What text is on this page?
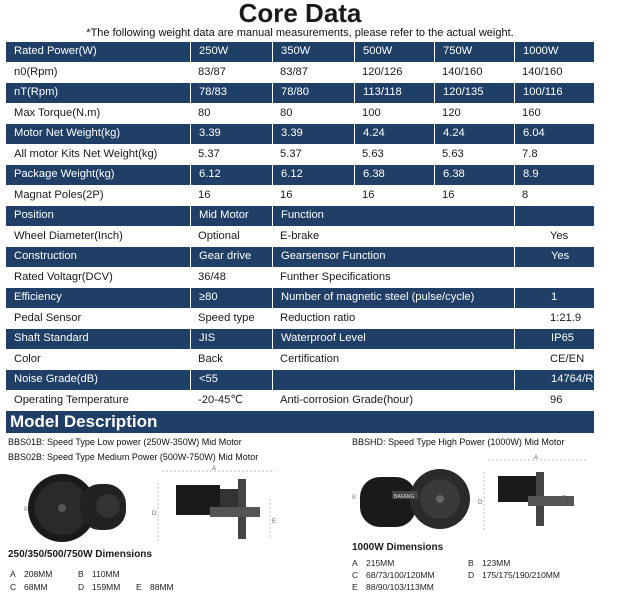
Core Data
*The following weight data are manual measurements, please refer to the actual weight.
Rated Power(W)	250W	350W	500W	750W	1000W
n0(Rpm)	83/87	83/87	120/126	140/160	140/160
nT(Rpm)	78/83	78/80	113/118	120/135	100/116
Max Torque(N.m)	80	80	100	120	160
Motor Net Weight(kg)	3.39	3.39	4.24	4.24	6.04
All motor Kits Net Weight(kg)	5.37	5.37	5.63	5.63	7.8
Package Weight(kg)	6.12	6.12	6.38	6.38	8.9
Magnat Poles(2P)	16	16	16	16	8
Position	Mid Motor	Function			
Wheel Diameter(Inch)	Optional	E-brake			Yes
Construction	Gear drive	Gearsensor Function			Yes
Rated Voltagr(DCV)	36/48	Funther Specifications			
Efficiency	≥80	Number of magnetic steel (pulse/cycle)			1
Pedal Sensor	Speed type	Reduction ratio			1:21.9
Shaft Standard	JIS	Waterproof Level			IP65
Color	Back	Certification			CE/EN
Noise Grade(dB)	<55				14764/ROHS
Operating Temperature	-20-45℃	Anti-corrosion Grade(hour)			96
Model Description
BBS01B: Speed Type Low power (250W-350W) Mid Motor
BBS02B: Speed Type Medium Power (500W-750W) Mid Motor
BBSHD: Speed Type High Power (1000W) Mid Motor
B
A
D
E
B	BAFANG
A
D
E
250/350/500/750W Dimensions
1000W Dimensions
A 208MM	B 110MM
C 68MM	D 159MM E 88MM
A 215MM	B 123MM
C 68/73/100/120MM	D 175/175/190/210MM
E 88/90/103/113MM
